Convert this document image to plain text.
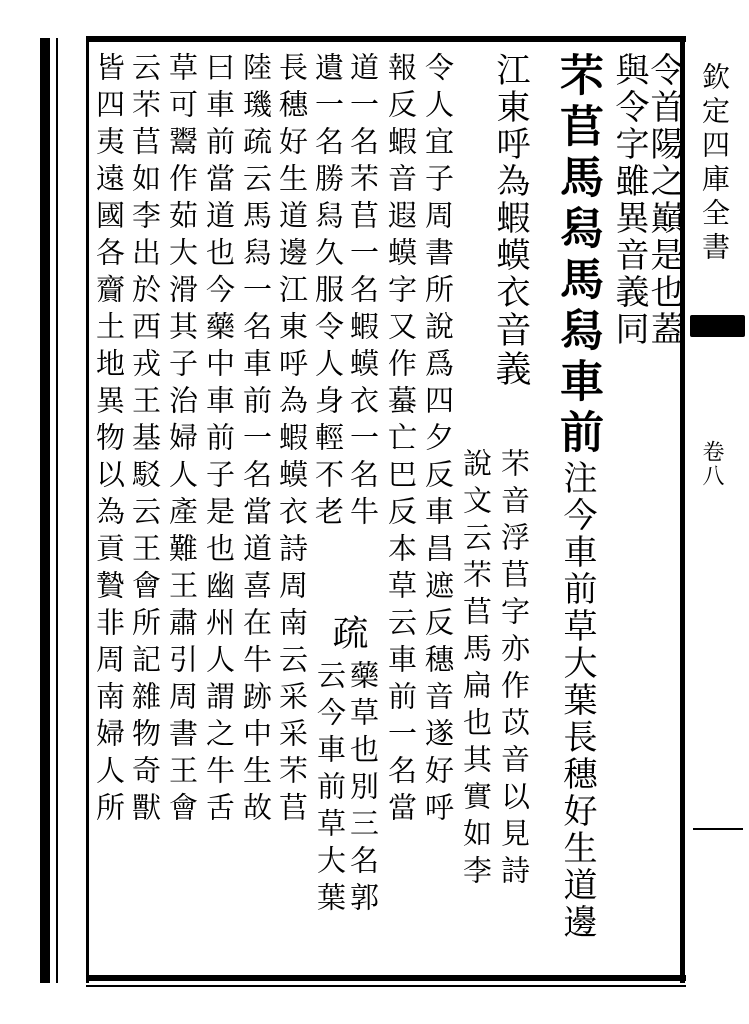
欽定四庫全書
卷八
令首陽之巔是也蓋
與令字雖異音義同
芣苢馬舄馬舄車前注今車前草大葉長穗好生道邊
江東呼為蝦蟆衣音義
芣音浮苢字亦作苡音以見詩
說文云芣苢馬扁也其實如李
令人宜子周書所說爲四夕反車昌遮反穗音遂好呼
報反蝦音遐蟆字又作蟇亡巴反本草云車前一名當
道一名芣苢一名蝦蟆衣一名牛
疏
藥草也別三名郭
云今車前草大葉
遺一名勝舄久服令人身輕不老
長穗好生道邊江東呼為蝦蟆衣詩周南云采采芣苢
陸璣疏云馬舄一名車前一名當道喜在牛跡中生故
曰車前當道也今藥中車前子是也幽州人謂之牛舌
草可鬻作茹大滑其子治婦人產難王肅引周書王會
云芣苢如李出於西戎王基駁云王會所記雜物奇獸
皆四夷遠國各齎土地異物以為貢贄非周南婦人所
